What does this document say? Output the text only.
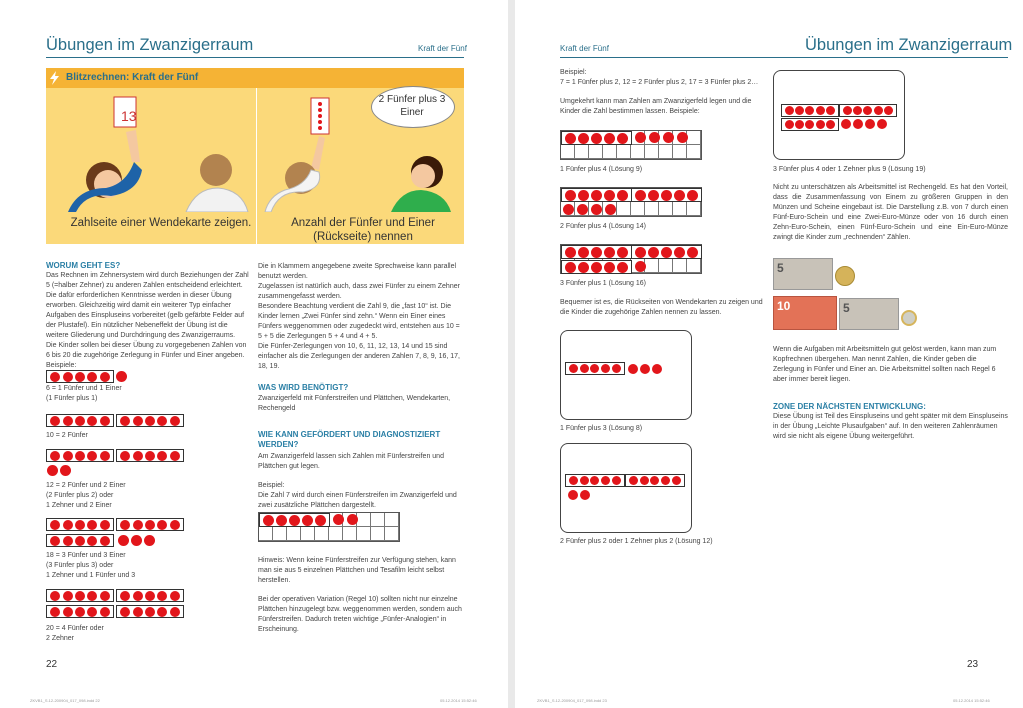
Übungen im Zwanzigerraum	Kraft der Fünf
Blitzrechnen: Kraft der Fünf
13
Zahlseite einer Wendekarte zeigen.
2 Fünfer plus 3 Einer
Anzahl der Fünfer und Einer (Rückseite) nennen
WORUM GEHT ES?
Das Rechnen im Zehnersystem wird durch Beziehungen der Zahl 5 (=halber Zehner) zu anderen Zahlen entscheidend erleichtert. Die dafür erforderlichen Kenntnisse werden in dieser Übung erworben. Gleichzeitig wird damit ein weiterer Typ einfacher Aufgaben des Einspluseins vorbereitet (gelb gefärbte Felder auf der Plustafel). Ein nützlicher Nebeneffekt der Übung ist die weitere Gliederung und Durchdringung des Zwanzigerraums.
Die Kinder sollen bei dieser Übung zu vorgegebenen Zahlen von 6 bis 20 die zugehörige Zerlegung in Fünfer und Einer angeben. Beispiele:
6 = 1 Fünfer und 1 Einer
(1 Fünfer plus 1)
10 = 2 Fünfer
12 = 2 Fünfer und 2 Einer
(2 Fünfer plus 2) oder
1 Zehner und 2 Einer
18 = 3 Fünfer und 3 Einer
(3 Fünfer plus 3) oder
1 Zehner und 1 Fünfer und 3
20 = 4 Fünfer oder
2 Zehner
Die in Klammern angegebene zweite Sprechweise kann parallel benutzt werden.
Zugelassen ist natürlich auch, dass zwei Fünfer zu einem Zehner zusammengefasst werden.
Besondere Beachtung verdient die Zahl 9, die „fast 10“ ist. Die Kinder lernen „Zwei Fünfer sind zehn.“ Wenn ein Einer eines Fünfers weggenommen oder zugedeckt wird, entstehen aus 10 = 5 + 5 die Zerlegungen 5 + 4 und 4 + 5.
Die Fünfer-Zerlegungen von 10, 6, 11, 12, 13, 14 und 15 sind einfacher als die Zerlegungen der anderen Zahlen 7, 8, 9, 16, 17, 18, 19.
WAS WIRD BENÖTIGT?
Zwanzigerfeld mit Fünferstreifen und Plättchen, Wendekarten, Rechengeld
WIE KANN GEFÖRDERT UND DIAGNOSTIZIERT WERDEN?
Am Zwanzigerfeld lassen sich Zahlen mit Fünferstreifen und Plättchen gut legen.
Beispiel:
Die Zahl 7 wird durch einen Fünferstreifen im Zwanzigerfeld und zwei zusätzliche Plättchen dargestellt.
Hinweis: Wenn keine Fünferstreifen zur Verfügung stehen, kann man sie aus 5 einzelnen Plättchen und Tesafilm leicht selbst herstellen.
Bei der operativen Variation (Regel 10) sollten nicht nur einzelne Plättchen hinzugelegt bzw. weggenommen werden, sondern auch Fünferstreifen. Dadurch treten wichtige „Fünfer-Analogien“ in Erscheinung.
22
ZKVB1_S.12-200904_017_098.indd 22	05.12.2014 15:52:46
Kraft der Fünf	Übungen im Zwanzigerraum
Beispiel:
7 = 1 Fünfer plus 2, 12 = 2 Fünfer plus 2, 17 = 3 Fünfer plus 2…
Umgekehrt kann man Zahlen am Zwanzigerfeld legen und die Kinder die Zahl bestimmen lassen. Beispiele:
1 Fünfer plus 4 (Lösung 9)
2 Fünfer plus 4 (Lösung 14)
3 Fünfer plus 1 (Lösung 16)
Bequemer ist es, die Rückseiten von Wendekarten zu zeigen und die Kinder die zugehörige Zahlen nennen zu lassen.
1 Fünfer plus 3 (Lösung 8)
2 Fünfer plus 2 oder 1 Zehner plus 2 (Lösung 12)
3 Fünfer plus 4 oder 1 Zehner plus 9 (Lösung 19)
Nicht zu unterschätzen als Arbeitsmittel ist Rechengeld. Es hat den Vorteil, dass die Zusammenfassung von Einern zu größeren Gruppen in den Münzen und Scheine eingebaut ist. Die Darstellung z.B. von 7 durch einen Fünf-Euro-Schein und eine Zwei-Euro-Münze oder von 16 durch einen Zehn-Euro-Schein, einen Fünf-Euro-Schein und eine Ein-Euro-Münze zwingt die Kinder zum „rechnenden“ Zählen.
5
10	5
Wenn die Aufgaben mit Arbeitsmitteln gut gelöst werden, kann man zum Kopfrechnen übergehen. Man nennt Zahlen, die Kinder geben die Zerlegung in Fünfer und Einer an. Die Arbeitsmittel sollten nach Regel 6 aber immer bereit liegen.
ZONE DER NÄCHSTEN ENTWICKLUNG:
Diese Übung ist Teil des Einspluseins und geht später mit dem Einspluseins in der Übung „Leichte Plusaufgaben“ auf. In den weiteren Zahlenräumen wird sie nicht als eigene Übung weitergeführt.
23
ZKVB1_S.12-200904_017_098.indd 23	05.12.2014 15:52:46
